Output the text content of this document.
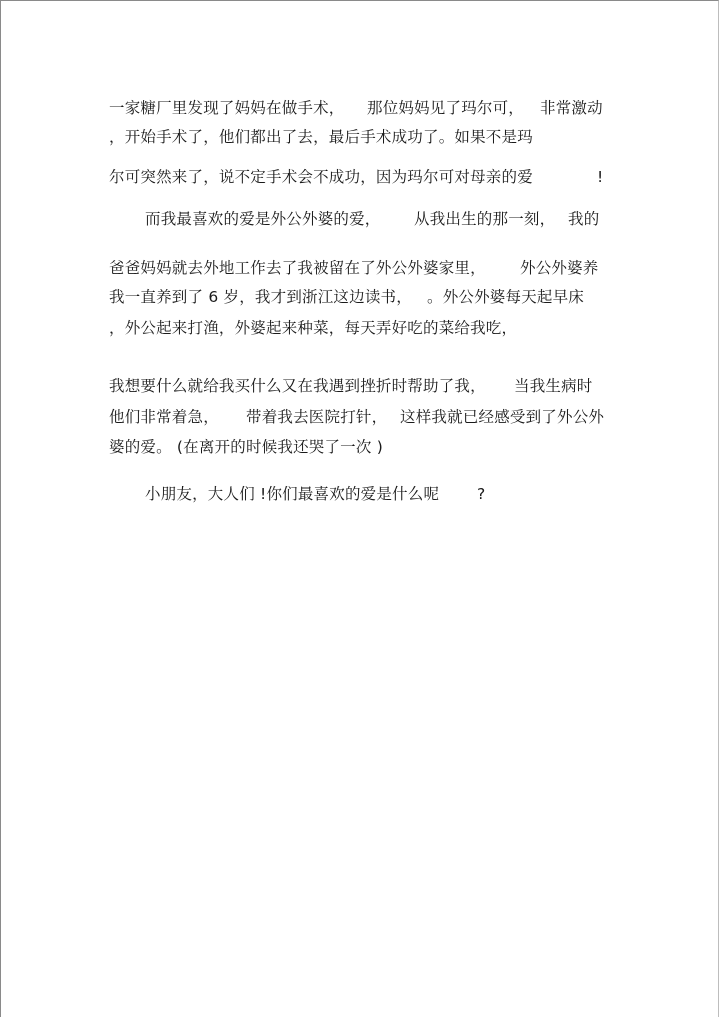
一家糖厂里发现了妈妈在做手术， 那位妈妈见了玛尔可， 非常激动
，开始手术了，他们都出了去，最后手术成功了。如果不是玛
尔可突然来了，说不定手术会不成功，因为玛尔可对母亲的爱	!
而我最喜欢的爱是外公外婆的爱， 从我出生的那一刻， 我的
爸爸妈妈就去外地工作去了我被留在了外公外婆家里， 外公外婆养
我一直养到了 6 岁，我才到浙江这边读书， 。外公外婆每天起早床
，外公起来打渔，外婆起来种菜，每天弄好吃的菜给我吃，
我想要什么就给我买什么又在我遇到挫折时帮助了我， 当我生病时
他们非常着急， 带着我去医院打针， 这样我就已经感受到了外公外
婆的爱。 (在离开的时候我还哭了一次 )
小朋友，大人们 !你们最喜欢的爱是什么呢 ?
